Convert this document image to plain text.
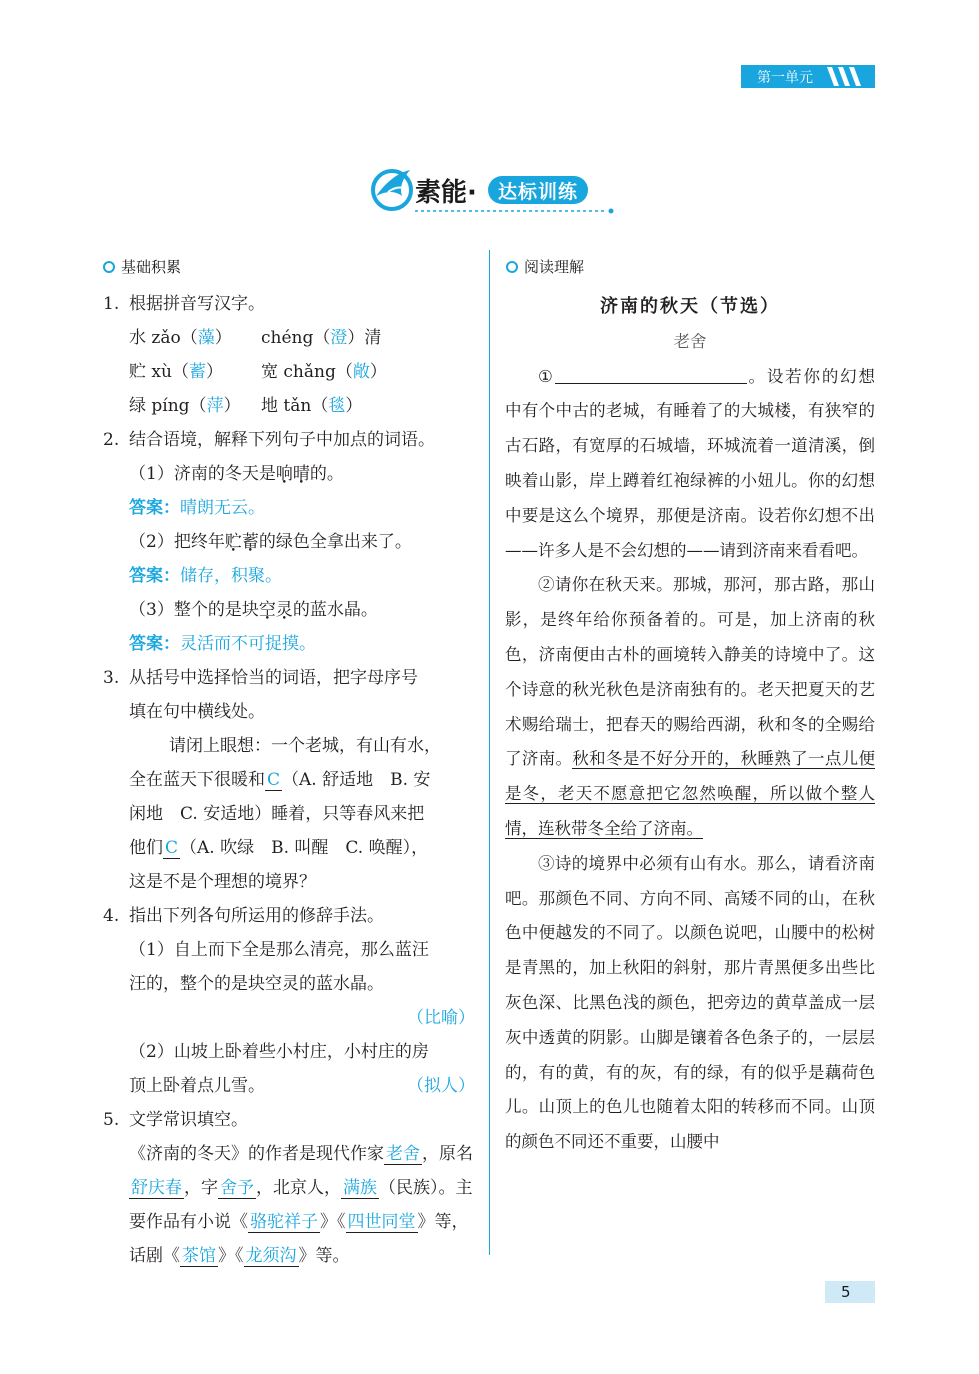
第一单元
素能·	达标训练
基础积累

1. 根据拼音写汉字。

水 zǎo（藻） chéng（澄）清

贮 xù（蓄） 宽 chǎng（敞）

绿 píng（萍） 地 tǎn（毯）

2. 结合语境，解释下列句子中加点的词语。

（1）济南的冬天是响晴的。

答案：晴朗无云。

（2）把终年贮蓄的绿色全拿出来了。

答案：储存，积聚。

（3）整个的是块空灵的蓝水晶。

答案：灵活而不可捉摸。

3. 从括号中选择恰当的词语，把字母序号

填在句中横线处。

请闭上眼想：一个老城，有山有水，

全在蓝天下很暖和 C （A. 舒适地　B. 安

闲地　C. 安适地）睡着，只等春风来把

他们 C （A. 吹绿　B. 叫醒　C. 唤醒），

这是不是个理想的境界？

4. 指出下列各句所运用的修辞手法。

（1）自上而下全是那么清亮，那么蓝汪

汪的，整个的是块空灵的蓝水晶。

（比喻）

（2）山坡上卧着些小村庄，小村庄的房

顶上卧着点儿雪。	（拟人）

5. 文学常识填空。

《济南的冬天》的作者是现代作家 老舍 ，原名

舒庆春 ，字 舍予 ，北京人， 满族 （民族）。主

要作品有小说《 骆驼祥子 》《 四世同堂 》等，

话剧《 茶馆 》《 龙须沟 》等。

阅读理解

济南的秋天（节选）

老舍

①	。设若你的幻想中有个中古的老城，有睡着了的大城楼，有狭窄的古石路，有宽厚的石城墙，环城流着一道清溪，倒映着山影，岸上蹲着红袍绿裤的小妞儿。你的幻想中要是这么个境界，那便是济南。设若你幻想不出——许多人是不会幻想的——请到济南来看看吧。

②请你在秋天来。那城，那河，那古路，那山影，是终年给你预备着的。可是，加上济南的秋色，济南便由古朴的画境转入静美的诗境中了。这个诗意的秋光秋色是济南独有的。老天把夏天的艺术赐给瑞士，把春天的赐给西湖，秋和冬的全赐给了济南。秋和冬是不好分开的，秋睡熟了一点儿便是冬，老天不愿意把它忽然唤醒，所以做个整人情，连秋带冬全给了济南。

③诗的境界中必须有山有水。那么，请看济南吧。那颜色不同、方向不同、高矮不同的山，在秋色中便越发的不同了。以颜色说吧，山腰中的松树是青黑的，加上秋阳的斜射，那片青黑便多出些比灰色深、比黑色浅的颜色，把旁边的黄草盖成一层灰中透黄的阴影。山脚是镶着各色条子的，一层层的，有的黄，有的灰，有的绿，有的似乎是藕荷色儿。山顶上的色儿也随着太阳的转移而不同。山顶的颜色不同还不重要，山腰中

5
